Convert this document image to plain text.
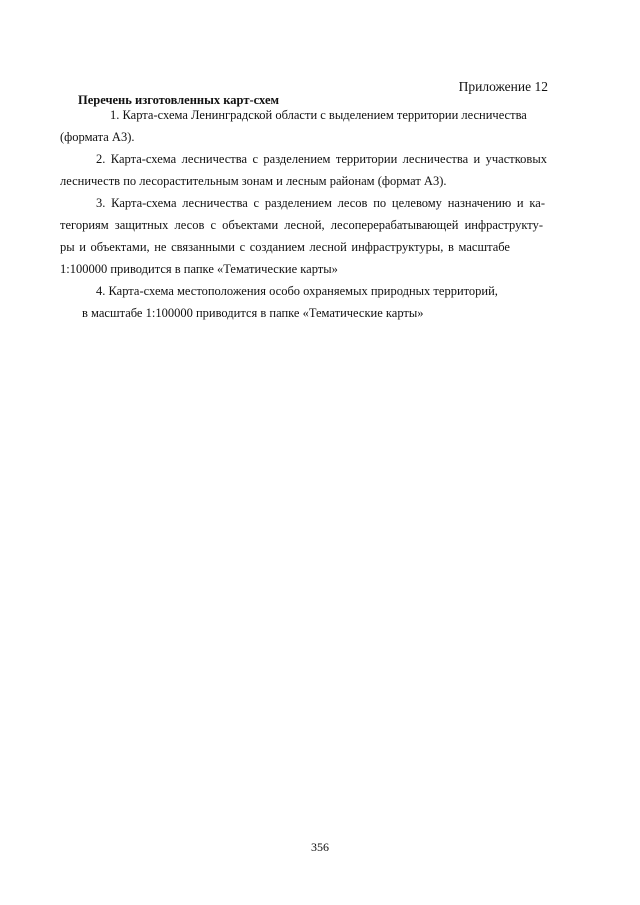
Приложение 12
Перечень изготовленных карт-схем
1. Карта-схема Ленинградской области с выделением территории лесничества
(формата А3).
2. Карта-схема лесничества с разделением территории лесничества и участковых
лесничеств по лесорастительным зонам и лесным районам (формат А3).
3. Карта-схема лесничества с разделением лесов по целевому назначению и ка-
тегориям защитных лесов с объектами лесной, лесоперерабатывающей инфраструкту-
ры и объектами, не связанными с созданием лесной инфраструктуры, в масштабе
1:100000 приводится в папке «Тематические карты»
4. Карта-схема местоположения особо охраняемых природных территорий,
в масштабе 1:100000 приводится в папке «Тематические карты»
356
